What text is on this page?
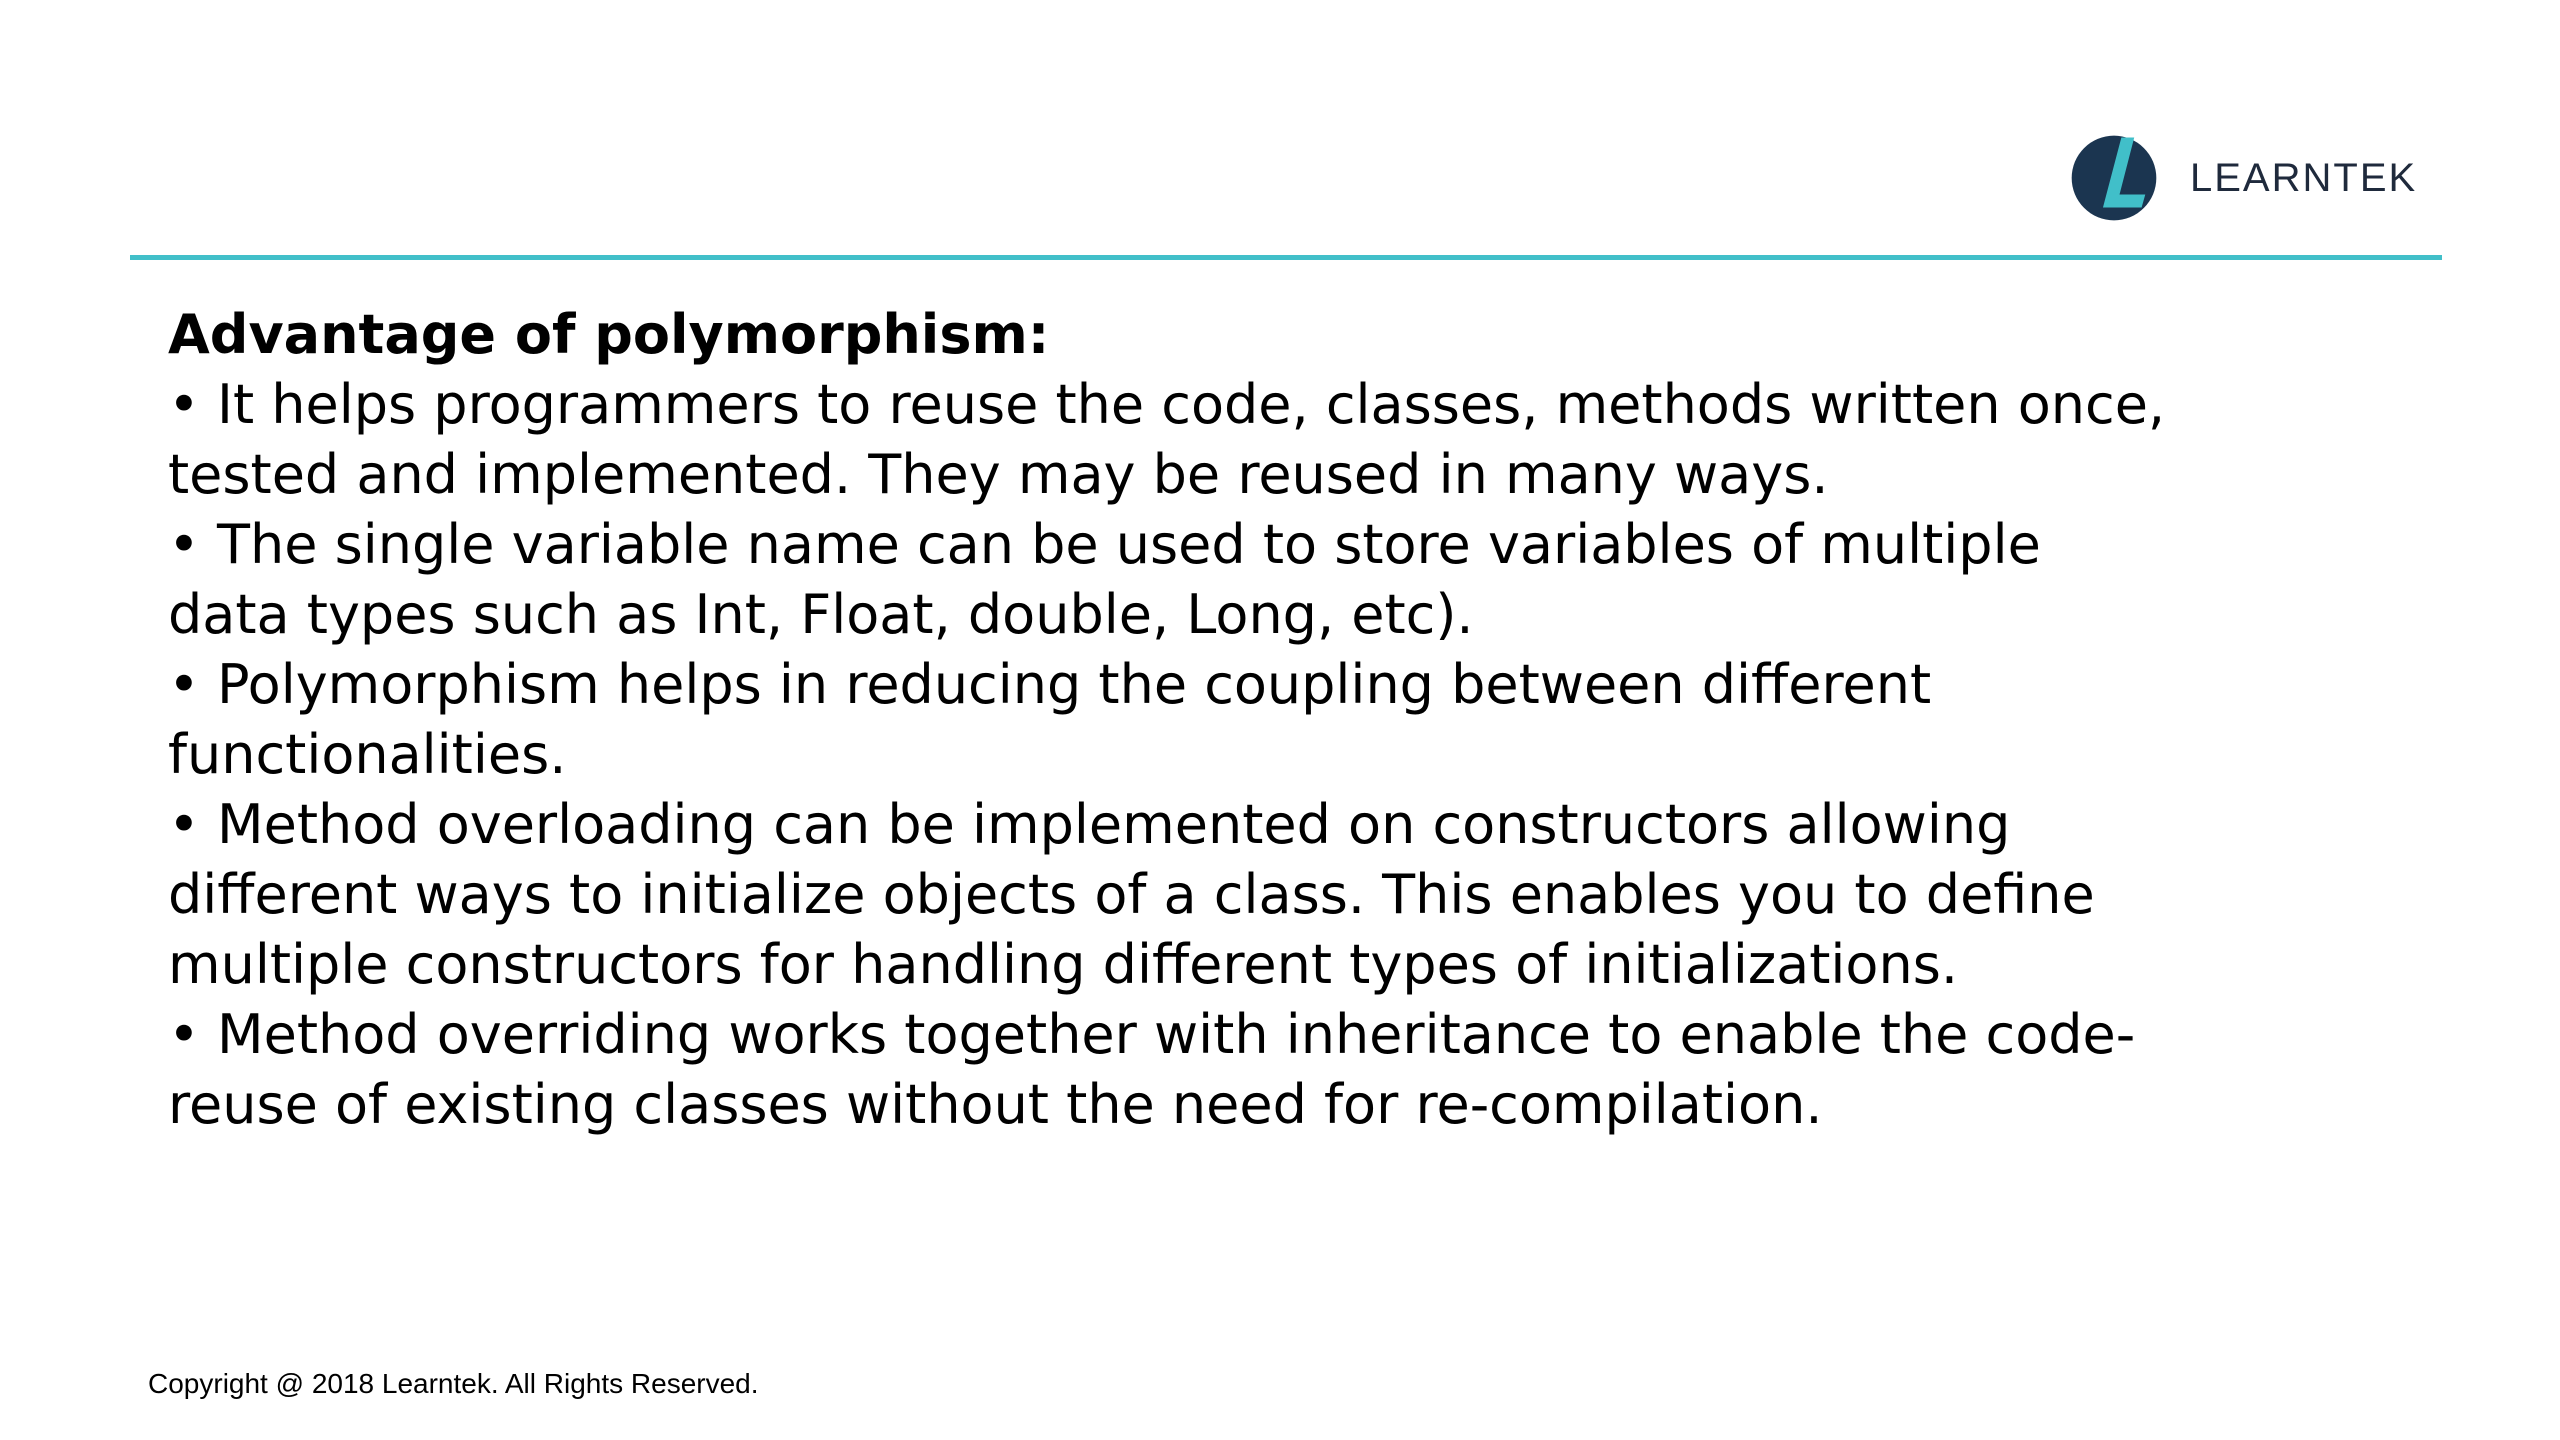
LEARNTEK

Advantage of polymorphism:

• It helps programmers to reuse the code, classes, methods written once, tested and implemented. They may be reused in many ways.
• The single variable name can be used to store variables of multiple data types such as Int, Float, double, Long, etc).
• Polymorphism helps in reducing the coupling between different functionalities.
• Method overloading can be implemented on constructors allowing different ways to initialize objects of a class. This enables you to define multiple constructors for handling different types of initializations.
• Method overriding works together with inheritance to enable the code-reuse of existing classes without the need for re-compilation.
Copyright @ 2018 Learntek. All Rights Reserved.
